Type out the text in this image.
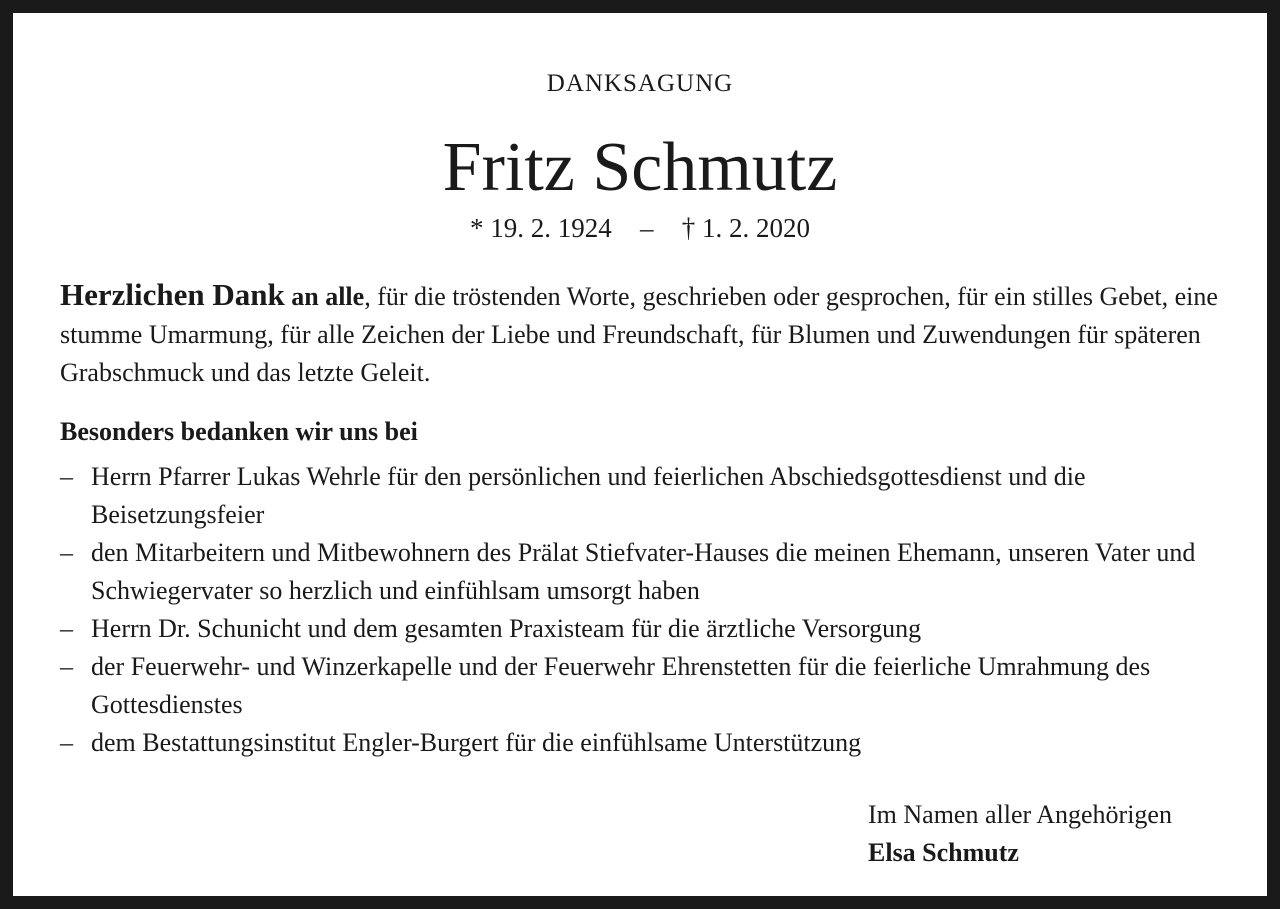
DANKSAGUNG
Fritz Schmutz
* 19. 2. 1924 – † 1. 2. 2020
Herzlichen Dank an alle, für die tröstenden Worte, geschrieben oder gesprochen, für ein stilles Gebet, eine stumme Umarmung, für alle Zeichen der Liebe und Freundschaft, für Blumen und Zuwendungen für späteren Grabschmuck und das letzte Geleit.
Besonders bedanken wir uns bei
– Herrn Pfarrer Lukas Wehrle für den persönlichen und feierlichen Abschiedsgottesdienst und die Beisetzungsfeier
– den Mitarbeitern und Mitbewohnern des Prälat Stiefvater-Hauses die meinen Ehemann, unseren Vater und Schwiegervater so herzlich und einfühlsam umsorgt haben
– Herrn Dr. Schunicht und dem gesamten Praxisteam für die ärztliche Versorgung
– der Feuerwehr- und Winzerkapelle und der Feuerwehr Ehrenstetten für die feierliche Umrahmung des Gottesdienstes
– dem Bestattungsinstitut Engler-Burgert für die einfühlsame Unterstützung
Im Namen aller Angehörigen
Elsa Schmutz
